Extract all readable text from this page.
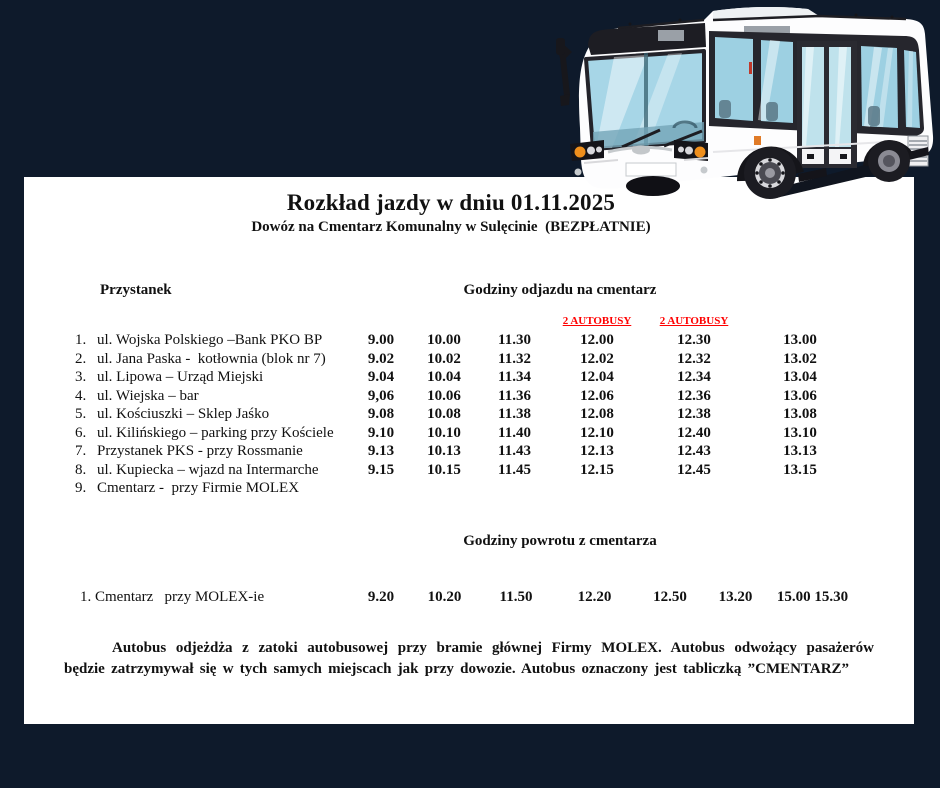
Rozkład jazdy w dniu 01.11.2025
Dowóz na Cmentarz Komunalny w Sulęcinie  (BEZPŁATNIE)
Przystanek	Godziny odjazdu na cmentarz
2 AUTOBUSY	2 AUTOBUSY
1. ul. Wojska Polskiego –Bank PKO BP	9.00	10.00	11.30	12.00	12.30	13.00
2. ul. Jana Paska -  kotłownia (blok nr 7)	9.02	10.02	11.32	12.02	12.32	13.02
3. ul. Lipowa – Urząd Miejski	9.04	10.04	11.34	12.04	12.34	13.04
4. ul. Wiejska – bar	9,06	10.06	11.36	12.06	12.36	13.06
5. ul. Kościuszki – Sklep Jaśko	9.08	10.08	11.38	12.08	12.38	13.08
6. ul. Kilińskiego – parking przy Kościele	9.10	10.10	11.40	12.10	12.40	13.10
7. Przystanek PKS - przy Rossmanie	9.13	10.13	11.43	12.13	12.43	13.13
8. ul. Kupiecka – wjazd na Intermarche	9.15	10.15	11.45	12.15	12.45	13.15
9. Cmentarz -  przy Firmie MOLEX
Godziny powrotu z cmentarza
1. Cmentarz   przy MOLEX-ie	9.20	10.20	11.50	12.20	12.50	13.20	15.00 15.30

Autobus odjeżdża z zatoki autobusowej przy bramie głównej Firmy MOLEX. Autobus odwożący pasażerów będzie zatrzymywał się w tych samych miejscach jak przy dowozie. Autobus oznaczony jest tabliczką ”CMENTARZ”
